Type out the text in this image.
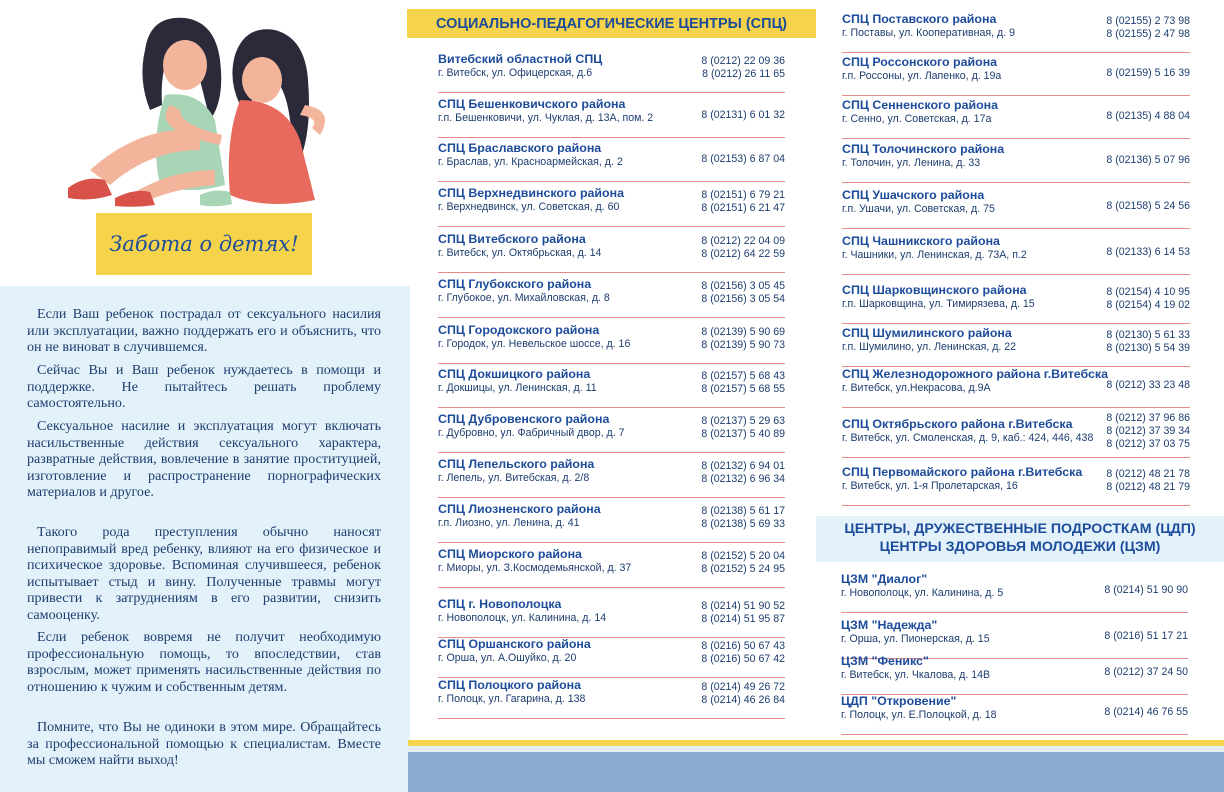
Забота о детях!

Если Ваш ребенок пострадал от сексуального насилия или эксплуатации, важно поддержать его и объяснить, что он не виноват в случившемся.

Сейчас Вы и Ваш ребенок нуждаетесь в помощи и поддержке. Не пытайтесь решать проблему самостоятельно.

Сексуальное насилие и эксплуатация могут включать насильственные действия сексуального характера, развратные действия, вовлечение в занятие проституцией, изготовление и распространение порнографических материалов и другое.

Такого рода преступления обычно наносят непоправимый вред ребенку, влияют на его физическое и психическое здоровье. Вспоминая случившееся, ребенок испытывает стыд и вину. Полученные травмы могут привести к затруднениям в его развитии, снизить самооценку.

Если ребенок вовремя не получит необходимую профессиональную помощь, то впоследствии, став взрослым, может применять насильственные действия по отношению к чужим и собственным детям.

Помните, что Вы не одиноки в этом мире. Обращайтесь за профессиональной помощью к специалистам. Вместе мы сможем найти выход!

СОЦИАЛЬНО-ПЕДАГОГИЧЕСКИЕ ЦЕНТРЫ (СПЦ)
Витебский областной СПЦ
г. Витебск, ул. Офицерская, д.6
8 (0212) 22 09 36
8 (0212) 26 11 65
СПЦ Бешенковичского района
г.п. Бешенковичи, ул. Чуклая, д. 13А, пом. 2	8 (02131) 6 01 32
СПЦ Браславского района
г. Браслав, ул. Красноармейская, д. 2	8 (02153) 6 87 04
СПЦ Верхнедвинского района
г. Верхнедвинск, ул. Советская, д. 60
8 (02151) 6 79 21
8 (02151) 6 21 47
СПЦ Витебского района
г. Витебск, ул. Октябрьская, д. 14
8 (0212) 22 04 09
8 (0212) 64 22 59
СПЦ Глубокского района
г. Глубокое, ул. Михайловская, д. 8
8 (02156) 3 05 45
8 (02156) 3 05 54
СПЦ Городокского района
г. Городок, ул. Невельское шоссе, д. 16
8 (02139) 5 90 69
8 (02139) 5 90 73
СПЦ Докшицкого района
г. Докшицы, ул. Ленинская, д. 11
8 (02157) 5 68 43
8 (02157) 5 68 55
СПЦ Дубровенского района
г. Дубровно, ул. Фабричный двор, д. 7
8 (02137) 5 29 63
8 (02137) 5 40 89
СПЦ Лепельского района
г. Лепель, ул. Витебская, д. 2/8
8 (02132) 6 94 01
8 (02132) 6 96 34
СПЦ Лиозненского района
г.п. Лиозно, ул. Ленина, д. 41
8 (02138) 5 61 17
8 (02138) 5 69 33
СПЦ Миорского района
г. Миоры, ул. З.Космодемьянской, д. 37
8 (02152) 5 20 04
8 (02152) 5 24 95
СПЦ г. Новополоцка
г. Новополоцк, ул. Калинина, д. 14
8 (0214) 51 90 52
8 (0214) 51 95 87
СПЦ Оршанского района
г. Орша, ул. А.Ошуйко, д. 20
8 (0216) 50 67 43
8 (0216) 50 67 42
СПЦ Полоцкого района
г. Полоцк, ул. Гагарина, д. 138
8 (0214) 49 26 72
8 (0214) 46 26 84
СПЦ Поставского района
г. Поставы, ул. Кооперативная, д. 9
8 (02155) 2 73 98
8 (02155) 2 47 98
СПЦ Россонского района
г.п. Россоны, ул. Лапенко, д. 19а	8 (02159) 5 16 39
СПЦ Сенненского района
г. Сенно, ул. Советская, д. 17а	8 (02135) 4 88 04
СПЦ Толочинского района
г. Толочин, ул. Ленина, д. 33	8 (02136) 5 07 96
СПЦ Ушачского района
г.п. Ушачи, ул. Советская, д. 75	8 (02158) 5 24 56
СПЦ Чашникского района
г. Чашники, ул. Ленинская, д. 73А, п.2	8 (02133) 6 14 53
СПЦ Шарковщинского района
г.п. Шарковщина, ул. Тимирязева, д. 15
8 (02154) 4 10 95
8 (02154) 4 19 02
СПЦ Шумилинского района
г.п. Шумилино, ул. Ленинская, д. 22
8 (02130) 5 61 33
8 (02130) 5 54 39
СПЦ Железнодорожного района г.Витебска
г. Витебск, ул.Некрасова, д.9А	8 (0212) 33 23 48
СПЦ Октябрьского района г.Витебска
г. Витебск, ул. Смоленская, д. 9, каб.: 424, 446, 438
8 (0212) 37 96 86
8 (0212) 37 39 34
8 (0212) 37 03 75
СПЦ Первомайского района г.Витебска
г. Витебск, ул. 1-я Пролетарская, 16
8 (0212) 48 21 78
8 (0212) 48 21 79
ЦЕНТРЫ, ДРУЖЕСТВЕННЫЕ ПОДРОСТКАМ (ЦДП)
ЦЕНТРЫ ЗДОРОВЬЯ МОЛОДЕЖИ (ЦЗМ)
ЦЗМ "Диалог"
г. Новополоцк, ул. Калинина, д. 5	8 (0214) 51 90 90
ЦЗМ "Надежда"
г. Орша, ул. Пионерская, д. 15	8 (0216) 51 17 21
ЦЗМ "Феникс"
г. Витебск, ул. Чкалова, д. 14В	8 (0212) 37 24 50
ЦДП "Откровение"
г. Полоцк, ул. Е.Полоцкой, д. 18	8 (0214) 46 76 55
